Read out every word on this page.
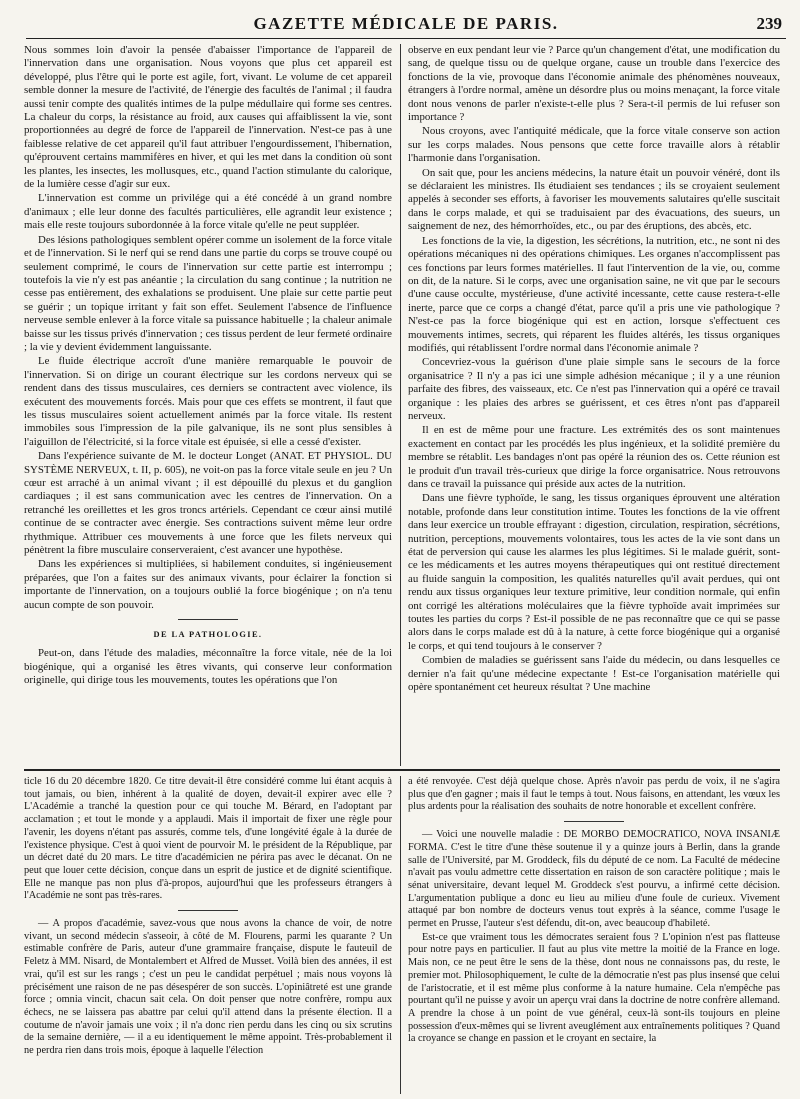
GAZETTE MÉDICALE DE PARIS.	239

Nous sommes loin d'avoir la pensée d'abaisser l'importance de l'appareil de l'innervation dans une organisation. Nous voyons que plus cet appareil est développé, plus l'être qui le porte est agile, fort, vivant. Le volume de cet appareil semble donner la mesure de l'activité, de l'énergie des facultés de l'animal ; il faudra aussi tenir compte des qualités intimes de la pulpe médullaire qui forme ses centres. La chaleur du corps, la résistance au froid, aux causes qui affaiblissent la vie, sont proportionnées au degré de force de l'appareil de l'innervation. N'est-ce pas à une faiblesse relative de cet appareil qu'il faut attribuer l'engourdissement, l'hibernation, qu'éprouvent certains mammifères en hiver, et qui les met dans la condition où sont les plantes, les insectes, les mollusques, etc., quand l'action stimulante du calorique, de la lumière cesse d'agir sur eux.

L'innervation est comme un privilége qui a été concédé à un grand nombre d'animaux ; elle leur donne des facultés particulières, elle agrandit leur existence ; mais elle reste toujours subordonnée à la force vitale qu'elle ne peut suppléer.

Des lésions pathologiques semblent opérer comme un isolement de la force vitale et de l'innervation. Si le nerf qui se rend dans une partie du corps se trouve coupé ou seulement comprimé, le cours de l'innervation sur cette partie est interrompu ; toutefois la vie n'y est pas anéantie ; la circulation du sang continue ; la nutrition ne cesse pas entièrement, des exhalations se produisent. Une plaie sur cette partie peut se guérir ; un topique irritant y fait son effet. Seulement l'absence de l'influence nerveuse semble enlever à la force vitale sa puissance habituelle ; la chaleur animale baisse sur les tissus privés d'innervation ; ces tissus perdent de leur fermeté ordinaire ; la vie y devient évidemment languissante.

Le fluide électrique accroît d'une manière remarquable le pouvoir de l'innervation. Si on dirige un courant électrique sur les cordons nerveux qui se rendent dans des tissus musculaires, ces derniers se contractent avec violence, ils exécutent des mouvements forcés. Mais pour que ces effets se montrent, il faut que les tissus musculaires soient actuellement animés par la force vitale. Ils restent immobiles sous l'impression de la pile galvanique, ils ne sont plus sensibles à l'aiguillon de l'électricité, si la force vitale est épuisée, si elle a cessé d'exister.

Dans l'expérience suivante de M. le docteur Longet (ANAT. ET PHYSIOL. DU SYSTÈME NERVEUX, t. II, p. 605), ne voit-on pas la force vitale seule en jeu ? Un cœur est arraché à un animal vivant ; il est dépouillé du plexus et du ganglion cardiaques ; il est sans communication avec les centres de l'innervation. On a retranché les oreillettes et les gros troncs artériels. Cependant ce cœur ainsi mutilé continue de se contracter avec énergie. Ses contractions suivent même leur ordre rhythmique. Attribuer ces mouvements à une force que les filets nerveux qui pénètrent la fibre musculaire conserveraient, c'est avancer une hypothèse.

Dans les expériences si multipliées, si habilement conduites, si ingénieusement préparées, que l'on a faites sur des animaux vivants, pour éclairer la fonction si importante de l'innervation, on a toujours oublié la force biogénique ; on n'a tenu aucun compte de son pouvoir.

DE LA PATHOLOGIE.

Peut-on, dans l'étude des maladies, méconnaître la force vitale, née de la loi biogénique, qui a organisé les êtres vivants, qui conserve leur conformation originelle, qui dirige tous les mouvements, toutes les opérations que l'on

observe en eux pendant leur vie ? Parce qu'un changement d'état, une modification du sang, de quelque tissu ou de quelque organe, cause un trouble dans l'exercice des fonctions de la vie, provoque dans l'économie animale des phénomènes nouveaux, étrangers à l'ordre normal, amène un désordre plus ou moins menaçant, la force vitale dont nous venons de parler n'existe-t-elle plus ? Sera-t-il permis de lui refuser son importance ?

Nous croyons, avec l'antiquité médicale, que la force vitale conserve son action sur les corps malades. Nous pensons que cette force travaille alors à rétablir l'harmonie dans l'organisation.

On sait que, pour les anciens médecins, la nature était un pouvoir vénéré, dont ils se déclaraient les ministres. Ils étudiaient ses tendances ; ils se croyaient seulement appelés à seconder ses efforts, à favoriser les mouvements salutaires qu'elle suscitait dans le corps malade, et qui se traduisaient par des évacuations, des sueurs, un saignement de nez, des hémorrhoïdes, etc., ou par des éruptions, des abcès, etc.

Les fonctions de la vie, la digestion, les sécrétions, la nutrition, etc., ne sont ni des opérations mécaniques ni des opérations chimiques. Les organes n'accomplissent pas ces fonctions par leurs formes matérielles. Il faut l'intervention de la vie, ou, comme on dit, de la nature. Si le corps, avec une organisation saine, ne vit que par le secours d'une cause occulte, mystérieuse, d'une activité incessante, cette cause restera-t-elle inerte, parce que ce corps a changé d'état, parce qu'il a pris une vie pathologique ? N'est-ce pas la force biogénique qui est en action, lorsque s'effectuent ces mouvements intimes, secrets, qui réparent les fluides altérés, les tissus organiques modifiés, qui rétablissent l'ordre normal dans l'économie animale ?

Concevriez-vous la guérison d'une plaie simple sans le secours de la force organisatrice ? Il n'y a pas ici une simple adhésion mécanique ; il y a une réunion parfaite des fibres, des vaisseaux, etc. Ce n'est pas l'innervation qui a opéré ce travail organique : les plaies des arbres se guérissent, et ces êtres n'ont pas d'appareil nerveux.

Il en est de même pour une fracture. Les extrémités des os sont maintenues exactement en contact par les procédés les plus ingénieux, et la solidité première du membre se rétablit. Les bandages n'ont pas opéré la réunion des os. Cette réunion est le produit d'un travail très-curieux que dirige la force organisatrice. Nous retrouvons dans ce travail la puissance qui préside aux actes de la nutrition.

Dans une fièvre typhoïde, le sang, les tissus organiques éprouvent une altération notable, profonde dans leur constitution intime. Toutes les fonctions de la vie offrent dans leur exercice un trouble effrayant : digestion, circulation, respiration, sécrétions, nutrition, perceptions, mouvements volontaires, tous les actes de la vie sont dans un état de perversion qui cause les alarmes les plus légitimes. Si le malade guérit, sont-ce les médicaments et les autres moyens thérapeutiques qui ont restitué directement au fluide sanguin la composition, les qualités naturelles qu'il avait perdues, qui ont rendu aux tissus organiques leur texture primitive, leur condition normale, qui enfin ont corrigé les altérations moléculaires que la fièvre typhoïde avait imprimées sur toutes les parties du corps ? Est-il possible de ne pas reconnaître que ce qui se passe alors dans le corps malade est dû à la nature, à cette force biogénique qui a organisé le corps, et qui tend toujours à le conserver ?

Combien de maladies se guérissent sans l'aide du médecin, ou dans lesquelles ce dernier n'a fait qu'une médecine expectante ! Est-ce l'organisation matérielle qui opère spontanément cet heureux résultat ? Une machine

ticle 16 du 20 décembre 1820. Ce titre devait-il être considéré comme lui étant acquis à tout jamais, ou bien, inhérent à la qualité de doyen, devait-il expirer avec elle ? L'Académie a tranché la question pour ce qui touche M. Bérard, en l'adoptant par acclamation ; et tout le monde y a applaudi. Mais il importait de fixer une règle pour l'avenir, les doyens n'étant pas assurés, comme tels, d'une longévité égale à la durée de l'existence physique. C'est à quoi vient de pourvoir M. le président de la République, par un décret daté du 20 mars. Le titre d'académicien ne périra pas avec le décanat. On ne peut que louer cette décision, conçue dans un esprit de justice et de dignité scientifique. Elle ne manque pas non plus d'à-propos, aujourd'hui que les professeurs étrangers à l'Académie ne sont pas très-rares.

— A propos d'académie, savez-vous que nous avons la chance de voir, de notre vivant, un second médecin s'asseoir, à côté de M. Flourens, parmi les quarante ? Un estimable confrère de Paris, auteur d'une grammaire française, dispute le fauteuil de Feletz à MM. Nisard, de Montalembert et Alfred de Musset. Voilà bien des années, il est vrai, qu'il est sur les rangs ; c'est un peu le candidat perpétuel ; mais nous voyons là précisément une raison de ne pas désespérer de son succès. L'opiniâtreté est une grande force ; omnia vincit, chacun sait cela. On doit penser que notre confrère, rompu aux échecs, ne se laissera pas abattre par celui qu'il attend dans la présente élection. Il a coutume de n'avoir jamais une voix ; il n'a donc rien perdu dans les cinq ou six scrutins de la semaine dernière, — il a eu identiquement le même appoint. Très-probablement il ne perdra rien dans trois mois, époque à laquelle l'élection

a été renvoyée. C'est déjà quelque chose. Après n'avoir pas perdu de voix, il ne s'agira plus que d'en gagner ; mais il faut le temps à tout. Nous faisons, en attendant, les vœux les plus ardents pour la réalisation des souhaits de notre honorable et excellent confrère.

— Voici une nouvelle maladie : DE MORBO DEMOCRATICO, NOVA INSANIÆ FORMA. C'est le titre d'une thèse soutenue il y a quinze jours à Berlin, dans la grande salle de l'Université, par M. Groddeck, fils du député de ce nom. La Faculté de médecine n'avait pas voulu admettre cette dissertation en raison de son caractère politique ; mais le sénat universitaire, devant lequel M. Groddeck s'est pourvu, a infirmé cette décision. L'argumentation publique a donc eu lieu au milieu d'une foule de curieux. Vivement attaqué par bon nombre de docteurs venus tout exprès à la séance, comme l'usage le permet en Prusse, l'auteur s'est défendu, dit-on, avec beaucoup d'habileté.

Est-ce que vraiment tous les démocrates seraient fous ? L'opinion n'est pas flatteuse pour notre pays en particulier. Il faut au plus vite mettre la moitié de la France en loge. Mais non, ce ne peut être le sens de la thèse, dont nous ne connaissons pas, du reste, le premier mot. Philosophiquement, le culte de la démocratie n'est pas plus insensé que celui de l'aristocratie, et il est même plus conforme à la nature humaine. Cela n'empêche pas pourtant qu'il ne puisse y avoir un aperçu vrai dans la doctrine de notre confrère allemand. A prendre la chose à un point de vue général, ceux-là sont-ils toujours en pleine possession d'eux-mêmes qui se livrent aveuglément aux entraînements politiques ? Quand la croyance se change en passion et le croyant en sectaire, la
